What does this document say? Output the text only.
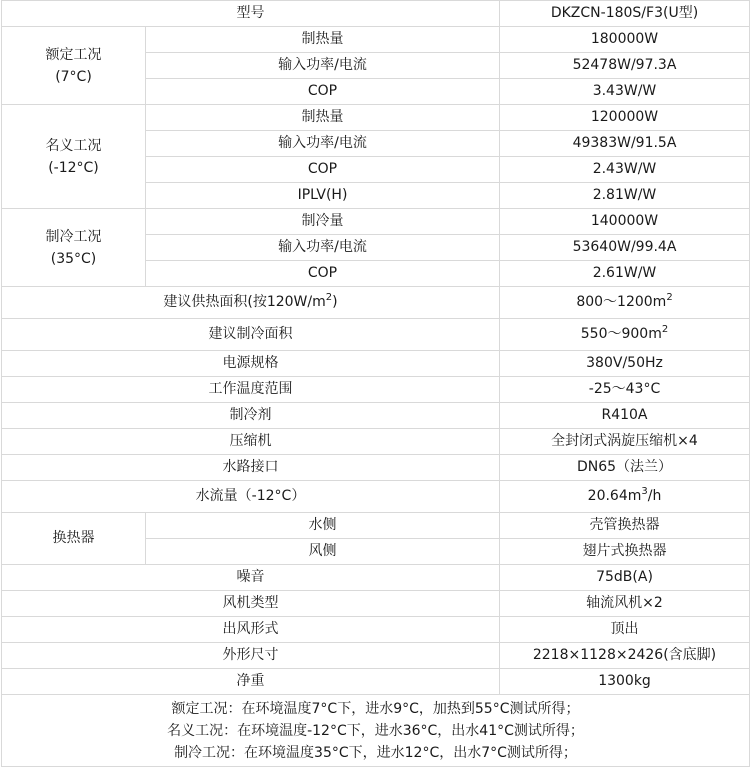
型号		DKZCN-180S/F3(U型)

额定工况
(7°C)	制热量	180000W
	输入功率/电流	52478W/97.3A
	COP	3.43W/W

名义工况
(-12°C)	制热量	120000W
	输入功率/电流	49383W/91.5A
	COP	2.43W/W
	IPLV(H)	2.81W/W

制冷工况
(35°C)	制冷量	140000W
	输入功率/电流	53640W/99.4A
	COP	2.61W/W
建议供热面积(按$120W/m^2$)		$800\sim 1200m^2$
建议制冷面积		$550\sim 900m^2$
电源规格		380V/50Hz
工作温度范围		-25～43°C
制冷剂		R410A
压缩机		全封闭式涡旋压缩机×4
水路接口		DN65（法兰）
水流量（-12°C）		$20.64m^3/h$
换热器	水侧	壳管换热器
	风侧	翅片式换热器
噪音		75dB(A)
风机类型		轴流风机×2
出风形式		顶出
外形尺寸		2218×1128×2426(含底脚)
净重		1300kg

额定工况：在环境温度7°C下，进水9°C，加热到55°C测试所得；
名义工况：在环境温度-12°C下，进水36°C，出水41°C测试所得；
制冷工况：在环境温度35°C下，进水12°C，出水7°C测试所得；		
